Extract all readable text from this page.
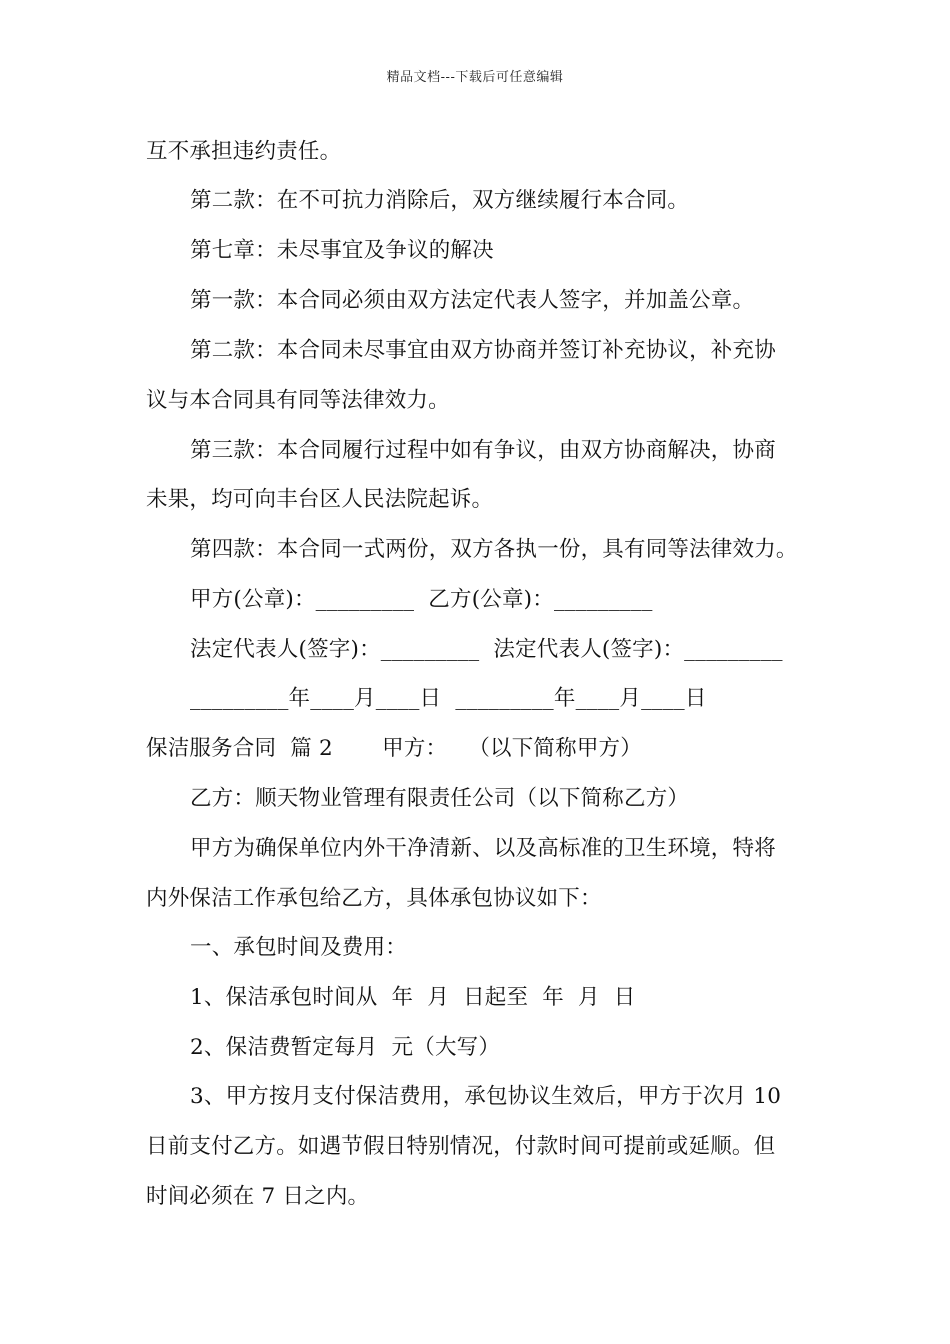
精品文档---下载后可任意编辑
互不承担违约责任。
第二款：在不可抗力消除后，双方继续履行本合同。
第七章：未尽事宜及争议的解决
第一款：本合同必须由双方法定代表人签字，并加盖公章。
第二款：本合同未尽事宜由双方协商并签订补充协议，补充协
议与本合同具有同等法律效力。
第三款：本合同履行过程中如有争议，由双方协商解决，协商
未果，均可向丰台区人民法院起诉。
第四款：本合同一式两份，双方各执一份，具有同等法律效力。
甲方(公章)：_________  乙方(公章)：_________
法定代表人(签字)：_________  法定代表人(签字)：_________
_________年____月____日  _________年____月____日
保洁服务合同  篇 2       甲方：   （以下简称甲方）
乙方：顺天物业管理有限责任公司（以下简称乙方）
甲方为确保单位内外干净清新、以及高标准的卫生环境，特将
内外保洁工作承包给乙方，具体承包协议如下：
一、承包时间及费用：
1、保洁承包时间从  年  月  日起至  年  月  日
2、保洁费暂定每月  元（大写）
3、甲方按月支付保洁费用，承包协议生效后，甲方于次月 10
日前支付乙方。如遇节假日特别情况，付款时间可提前或延顺。但
时间必须在 7 日之内。
